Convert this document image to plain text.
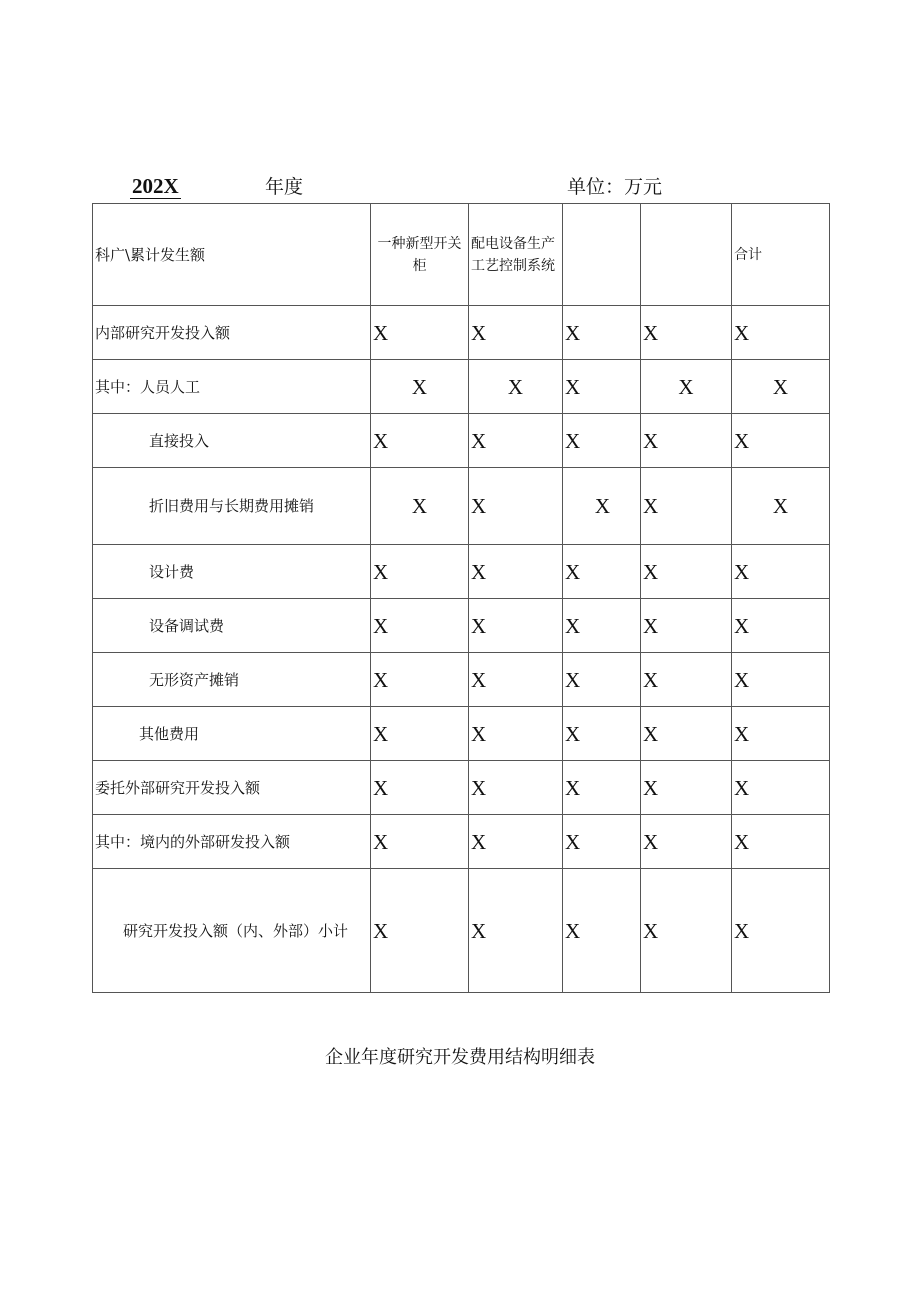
202X	年度	单位：万元
科广\累计发生额	一种新型开关柜	配电设备生产工艺控制系统			合计
内部研究开发投入额	X	X	X	X	X
其中：人员人工	X	X	X	X	X
直接投入	X	X	X	X	X
折旧费用与长期费用摊销	X	X	X	X	X
设计费	X	X	X	X	X
设备调试费	X	X	X	X	X
无形资产摊销	X	X	X	X	X
其他费用	X	X	X	X	X
委托外部研究开发投入额	X	X	X	X	X
其中：境内的外部研发投入额	X	X	X	X	X
研究开发投入额（内、外部）小计	X	X	X	X	X
企业年度研究开发费用结构明细表
